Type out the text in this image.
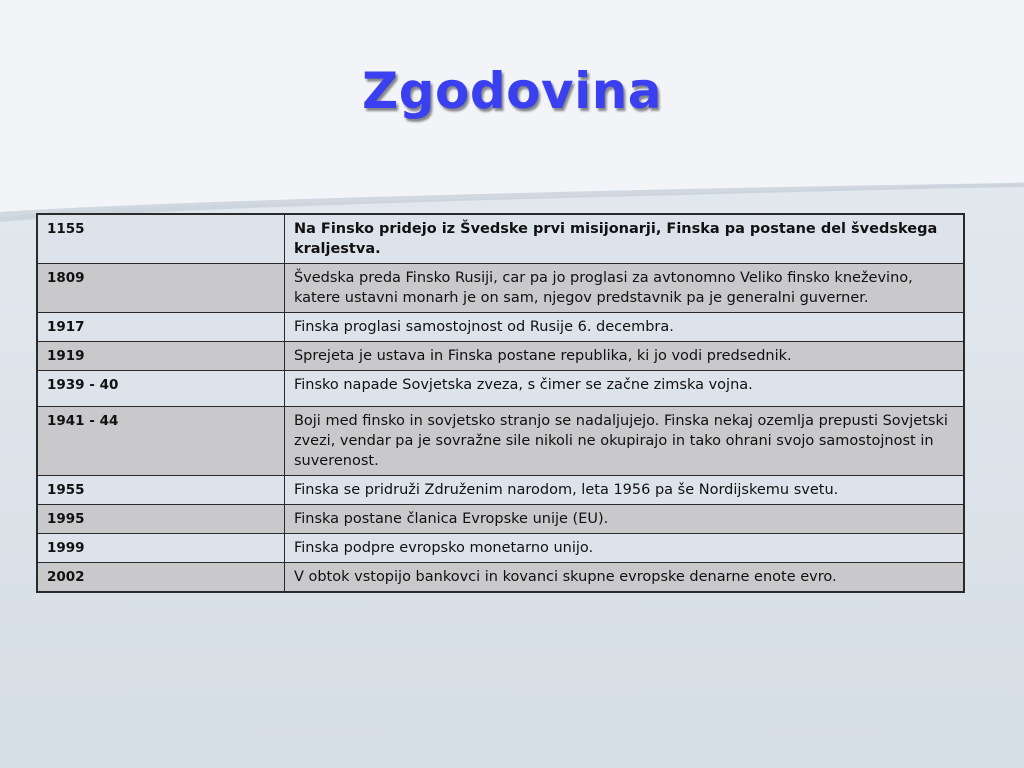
Zgodovina
1155	Na Finsko pridejo iz Švedske prvi misijonarji, Finska pa postane del švedskega kraljestva.
1809	Švedska preda Finsko Rusiji, car pa jo proglasi za avtonomno Veliko finsko kneževino, katere ustavni monarh je on sam, njegov predstavnik pa je generalni guverner.
1917	Finska proglasi samostojnost od Rusije 6. decembra.
1919	Sprejeta je ustava in Finska postane republika, ki jo vodi predsednik.
1939 - 40	Finsko napade Sovjetska zveza, s čimer se začne zimska vojna.
1941 - 44	Boji med finsko in sovjetsko stranjo se nadaljujejo. Finska nekaj ozemlja prepusti Sovjetski zvezi, vendar pa je sovražne sile nikoli ne okupirajo in tako ohrani svojo samostojnost in suverenost.
1955	Finska se pridruži Združenim narodom, leta 1956 pa še Nordijskemu svetu.
1995	Finska postane članica Evropske unije (EU).
1999	Finska podpre evropsko monetarno unijo.
2002	V obtok vstopijo bankovci in kovanci skupne evropske denarne enote evro.
